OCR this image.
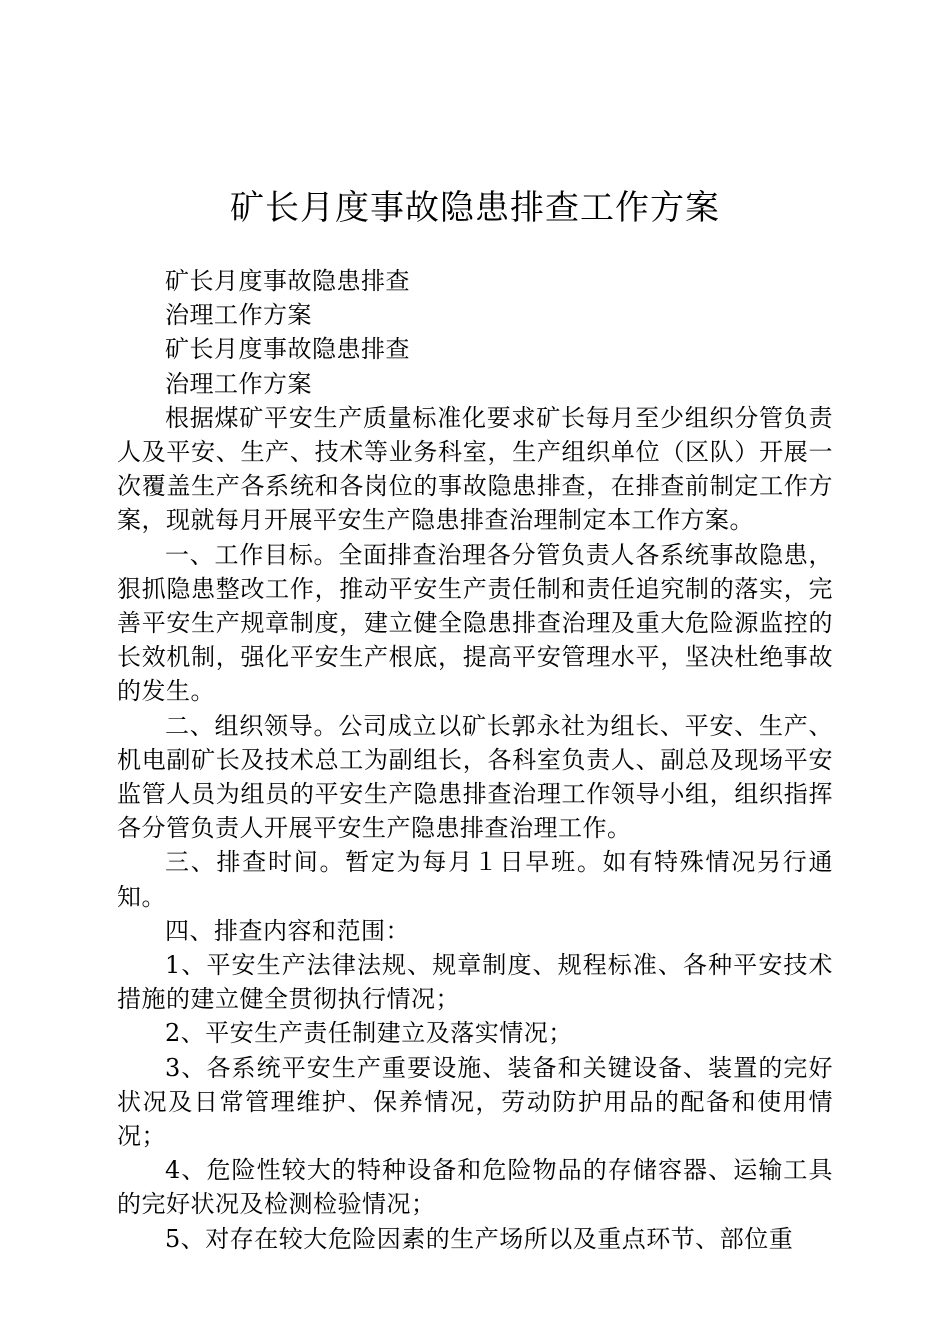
矿长月度事故隐患排查工作方案

矿长月度事故隐患排查

治理工作方案

矿长月度事故隐患排查

治理工作方案

根据煤矿平安生产质量标准化要求矿长每月至少组织分管负责人及平安、生产、技术等业务科室，生产组织单位（区队）开展一次覆盖生产各系统和各岗位的事故隐患排查，在排查前制定工作方案，现就每月开展平安生产隐患排查治理制定本工作方案。

一、工作目标。全面排查治理各分管负责人各系统事故隐患，狠抓隐患整改工作，推动平安生产责任制和责任追究制的落实，完善平安生产规章制度，建立健全隐患排查治理及重大危险源监控的长效机制，强化平安生产根底，提高平安管理水平，坚决杜绝事故的发生。

二、组织领导。公司成立以矿长郭永社为组长、平安、生产、机电副矿长及技术总工为副组长，各科室负责人、副总及现场平安监管人员为组员的平安生产隐患排查治理工作领导小组，组织指挥各分管负责人开展平安生产隐患排查治理工作。

三、排查时间。暂定为每月１日早班。如有特殊情况另行通知。

四、排查内容和范围：

1、平安生产法律法规、规章制度、规程标准、各种平安技术措施的建立健全贯彻执行情况；

2、平安生产责任制建立及落实情况；

3、各系统平安生产重要设施、装备和关键设备、装置的完好状况及日常管理维护、保养情况，劳动防护用品的配备和使用情况；

4、危险性较大的特种设备和危险物品的存储容器、运输工具的完好状况及检测检验情况；

5、对存在较大危险因素的生产场所以及重点环节、部位重
